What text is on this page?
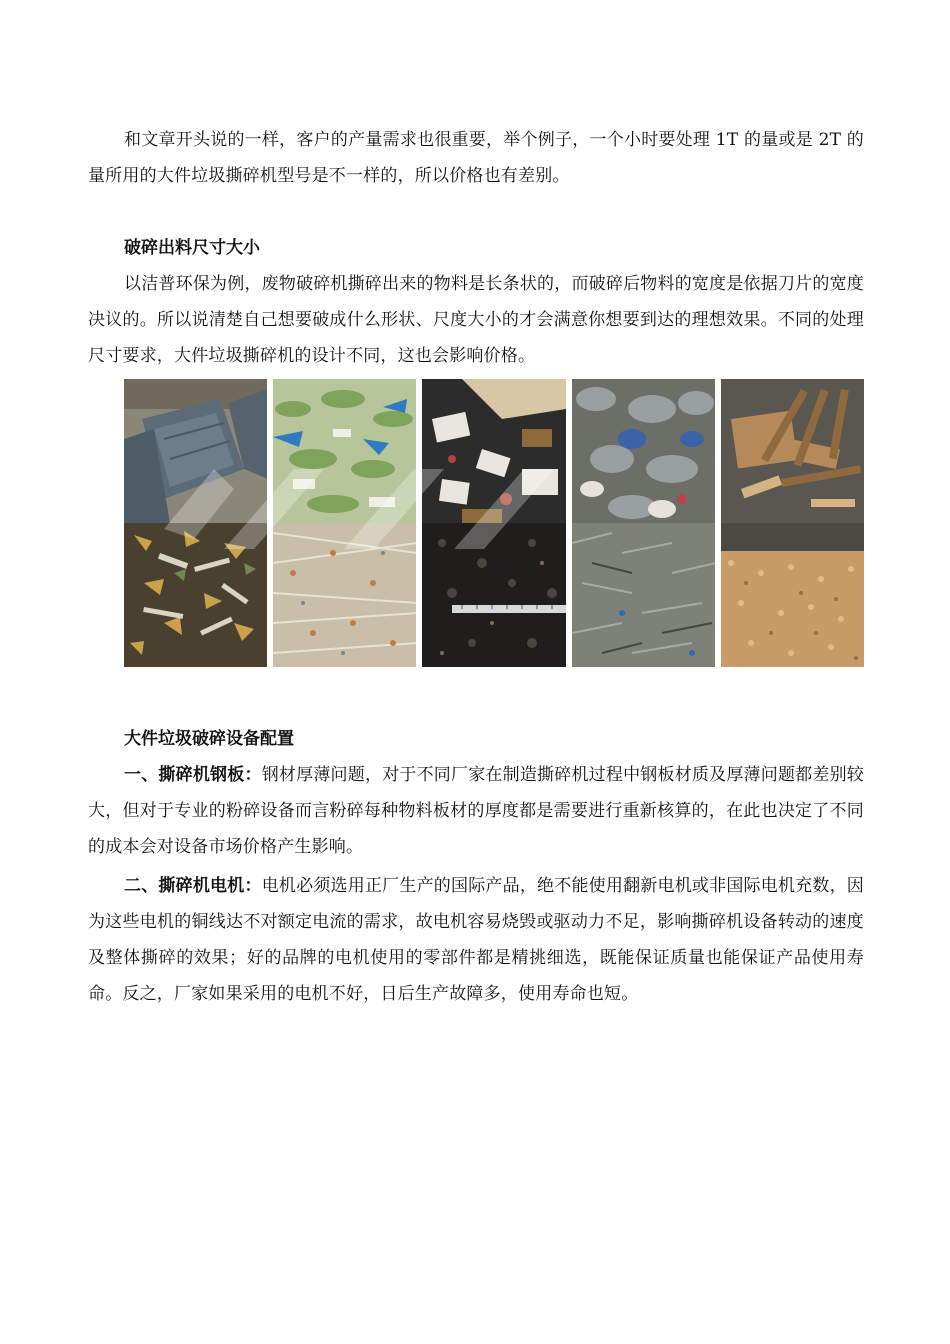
和文章开头说的一样，客户的产量需求也很重要，举个例子，一个小时要处理 1T 的量或是 2T 的量所用的大件垃圾撕碎机型号是不一样的，所以价格也有差别。
破碎出料尺寸大小
以洁普环保为例，废物破碎机撕碎出来的物料是长条状的，而破碎后物料的宽度是依据刀片的宽度决议的。所以说清楚自己想要破成什么形状、尺度大小的才会满意你想要到达的理想效果。不同的处理尺寸要求，大件垃圾撕碎机的设计不同，这也会影响价格。
大件垃圾破碎设备配置
一、撕碎机钢板：钢材厚薄问题，对于不同厂家在制造撕碎机过程中钢板材质及厚薄问题都差别较大，但对于专业的粉碎设备而言粉碎每种物料板材的厚度都是需要进行重新核算的，在此也决定了不同的成本会对设备市场价格产生影响。
二、撕碎机电机：电机必须选用正厂生产的国际产品，绝不能使用翻新电机或非国际电机充数，因为这些电机的铜线达不对额定电流的需求，故电机容易烧毁或驱动力不足，影响撕碎机设备转动的速度及整体撕碎的效果；好的品牌的电机使用的零部件都是精挑细选，既能保证质量也能保证产品使用寿命。反之，厂家如果采用的电机不好，日后生产故障多，使用寿命也短。
